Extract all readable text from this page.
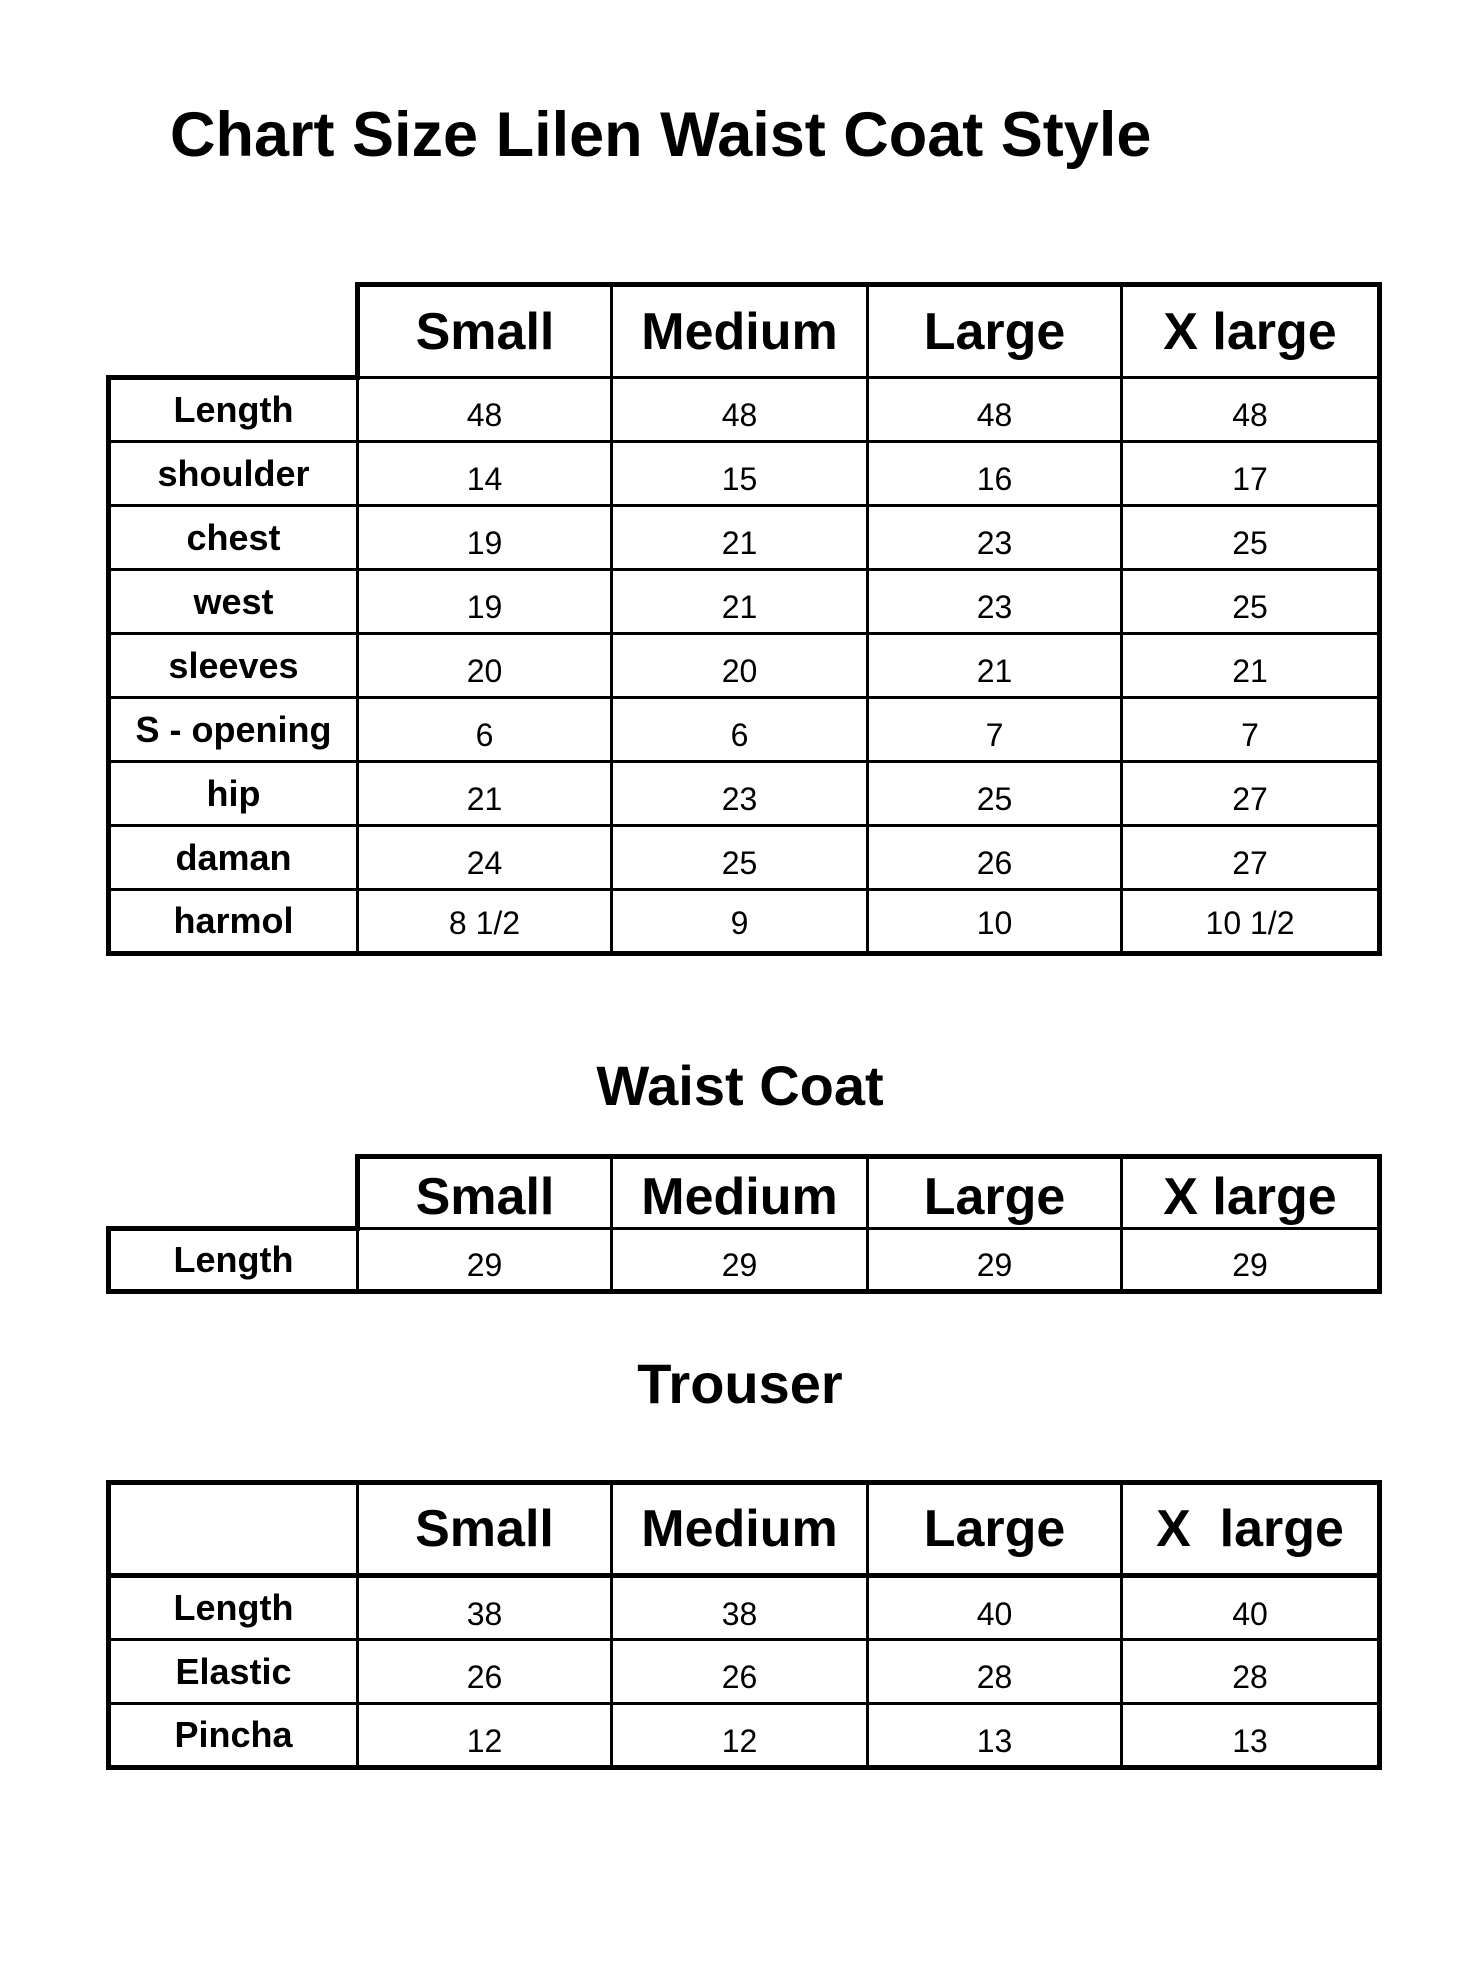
Chart Size Lilen Waist Coat Style
	Small	Medium	Large	X large
Length	48	48	48	48
shoulder	14	15	16	17
chest	19	21	23	25
west	19	21	23	25
sleeves	20	20	21	21
S - opening	6	6	7	7
hip	21	23	25	27
daman	24	25	26	27
harmol	8 1/2	9	10	10 1/2
Waist Coat
	Small	Medium	Large	X large
Length	29	29	29	29
Trouser
	Small	Medium	Large	X  large
Length	38	38	40	40
Elastic	26	26	28	28
Pincha	12	12	13	13
